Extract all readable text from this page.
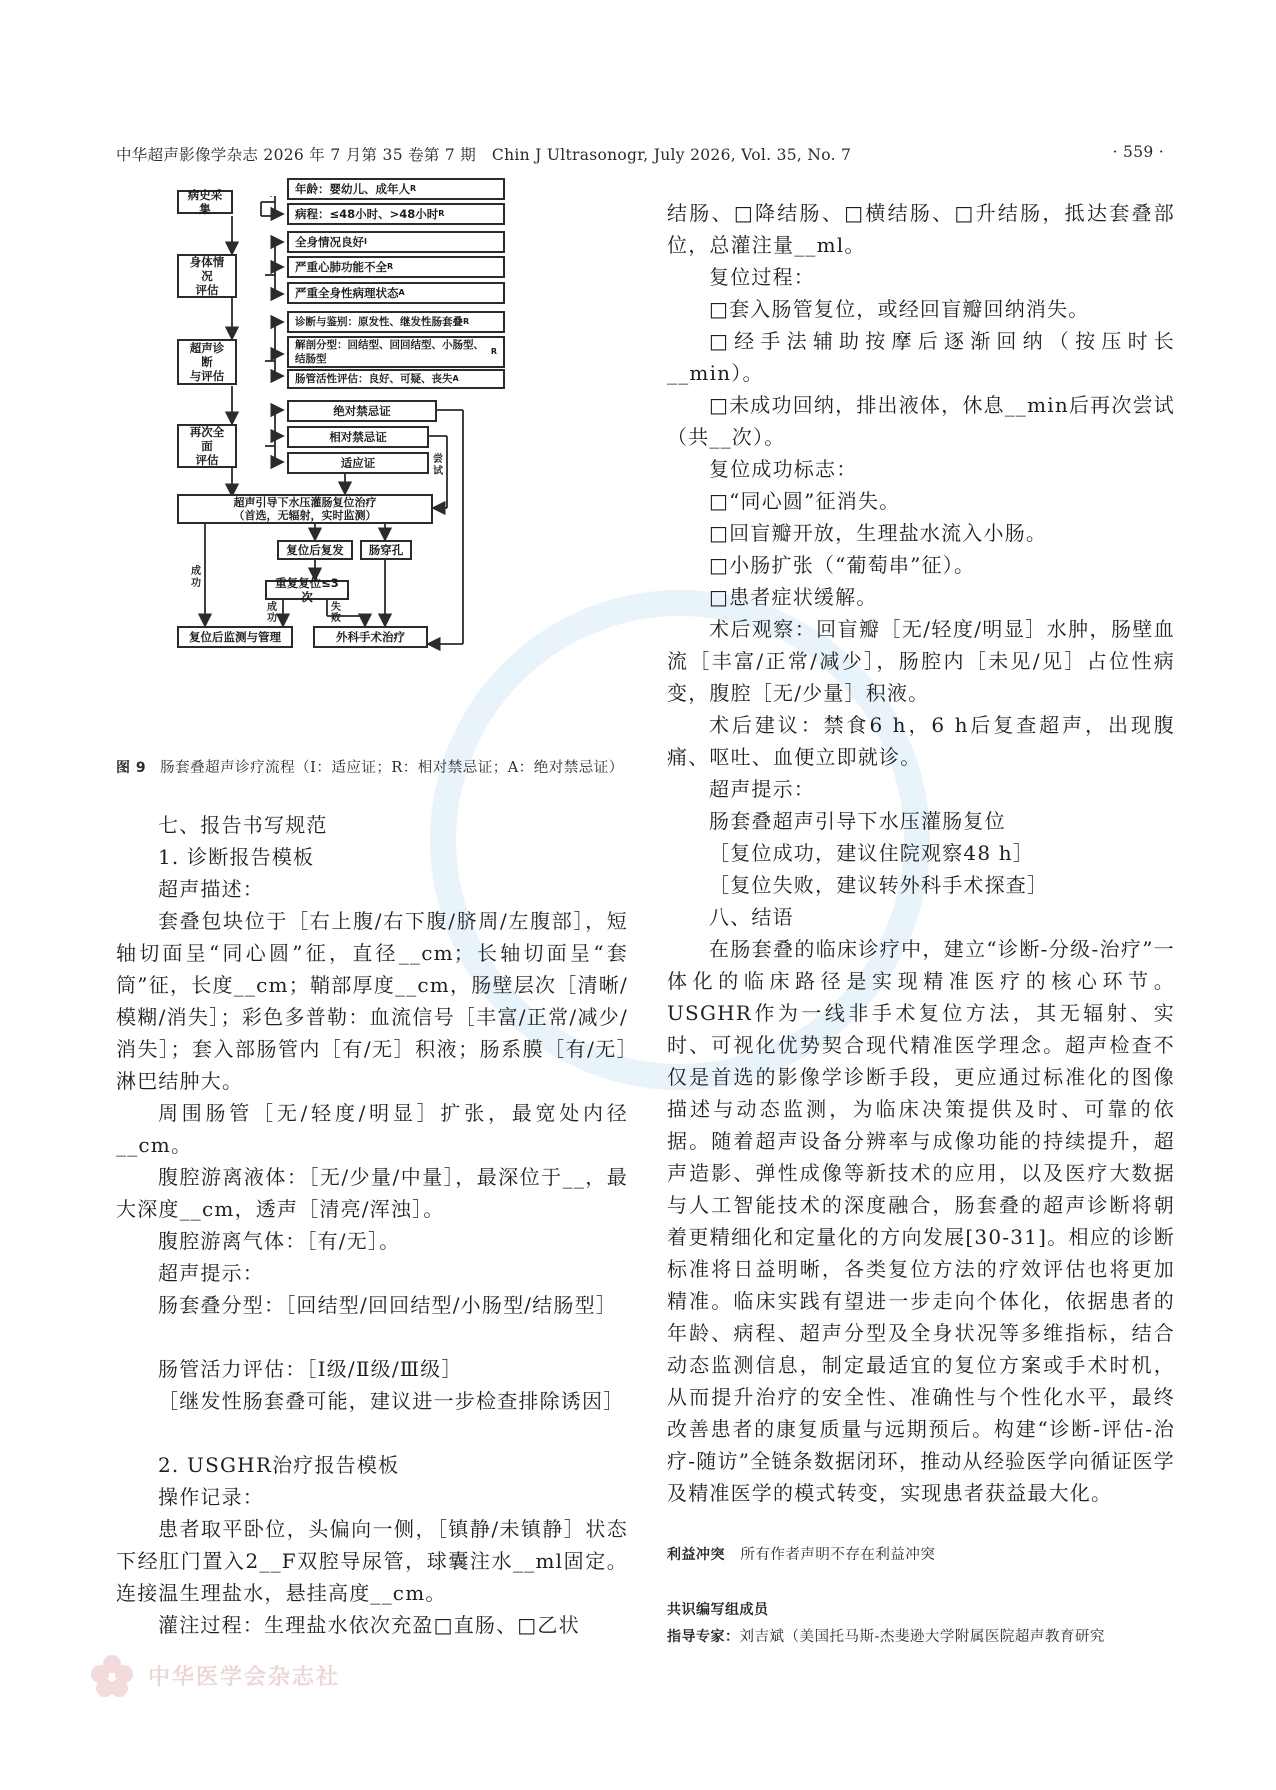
中华超声影像学杂志 2026 年 7 月第 35 卷第 7 期　Chin J Ultrasonogr, July 2026, Vol. 35, No. 7	· 559 ·
病史采集
年龄：婴幼儿、成年人 R
病程：≤48小时、>48小时 R
身体情况
评估
全身情况良好 I
严重心肺功能不全 R
严重全身性病理状态 A
超声诊断
与评估
诊断与鉴别：原发性、继发性肠套叠 R
解剖分型：回结型、回回结型、小肠型、结肠型
R
肠管活性评估：良好、可疑、丧失 A
再次全面
评估
绝对禁忌证
相对禁忌证
适应证	尝试
超声引导下水压灌肠复位治疗
（首选，无辐射，实时监测）
复位后复发	肠穿孔
成功	重复复位≤3次
成功
失败
复位后监测与管理	外科手术治疗
图 9 肠套叠超声诊疗流程（I：适应证；R：相对禁忌证；A：绝对禁忌证）

七、报告书写规范

1. 诊断报告模板

超声描述：

套叠包块位于［右上腹/右下腹/脐周/左腹部］，短轴切面呈“同心圆”征，直径__cm；长轴切面呈“套筒”征，长度__cm；鞘部厚度__cm，肠壁层次［清晰/模糊/消失］；彩色多普勒：血流信号［丰富/正常/减少/消失］；套入部肠管内［有/无］积液；肠系膜［有/无］淋巴结肿大。

周围肠管［无/轻度/明显］扩张，最宽处内径__cm。

腹腔游离液体：［无/少量/中量］，最深位于__，最大深度__cm，透声［清亮/浑浊］。

腹腔游离气体：［有/无］。

超声提示：

肠套叠分型：［回结型/回回结型/小肠型/结肠型］

肠管活力评估：［Ⅰ级/Ⅱ级/Ⅲ级］

［继发性肠套叠可能，建议进一步检查排除诱因］

2. USGHR治疗报告模板

操作记录：

患者取平卧位，头偏向一侧，［镇静/未镇静］状态下经肛门置入2__F双腔导尿管，球囊注水__ml固定。连接温生理盐水，悬挂高度__cm。

灌注过程：生理盐水依次充盈□直肠、□乙状

结肠、□降结肠、□横结肠、□升结肠，抵达套叠部位，总灌注量__ml。

复位过程：

□套入肠管复位，或经回盲瓣回纳消失。

□经手法辅助按摩后逐渐回纳（按压时长__min）。

□未成功回纳，排出液体，休息__min后再次尝试（共__次）。

复位成功标志：

□“同心圆”征消失。

□回盲瓣开放，生理盐水流入小肠。

□小肠扩张（“葡萄串”征）。

□患者症状缓解。

术后观察：回盲瓣［无/轻度/明显］水肿，肠壁血流［丰富/正常/减少］，肠腔内［未见/见］占位性病变，腹腔［无/少量］积液。

术后建议：禁食6 h，6 h后复查超声，出现腹痛、呕吐、血便立即就诊。

超声提示：

肠套叠超声引导下水压灌肠复位

［复位成功，建议住院观察48 h］

［复位失败，建议转外科手术探查］

八、结语

在肠套叠的临床诊疗中，建立“诊断-分级-治疗”一体化的临床路径是实现精准医疗的核心环节。USGHR作为一线非手术复位方法，其无辐射、实时、可视化优势契合现代精准医学理念。超声检查不仅是首选的影像学诊断手段，更应通过标准化的图像描述与动态监测，为临床决策提供及时、可靠的依据。随着超声设备分辨率与成像功能的持续提升，超声造影、弹性成像等新技术的应用，以及医疗大数据与人工智能技术的深度融合，肠套叠的超声诊断将朝着更精细化和定量化的方向发展[30-31]。相应的诊断标准将日益明晰，各类复位方法的疗效评估也将更加精准。临床实践有望进一步走向个体化，依据患者的年龄、病程、超声分型及全身状况等多维指标，结合动态监测信息，制定最适宜的复位方案或手术时机，从而提升治疗的安全性、准确性与个性化水平，最终改善患者的康复质量与远期预后。构建“诊断-评估-治疗-随访”全链条数据闭环，推动从经验医学向循证医学及精准医学的模式转变，实现患者获益最大化。

利益冲突 所有作者声明不存在利益冲突
共识编写组成员
指导专家：刘吉斌（美国托马斯-杰斐逊大学附属医院超声教育研究
中华医学会杂志社
